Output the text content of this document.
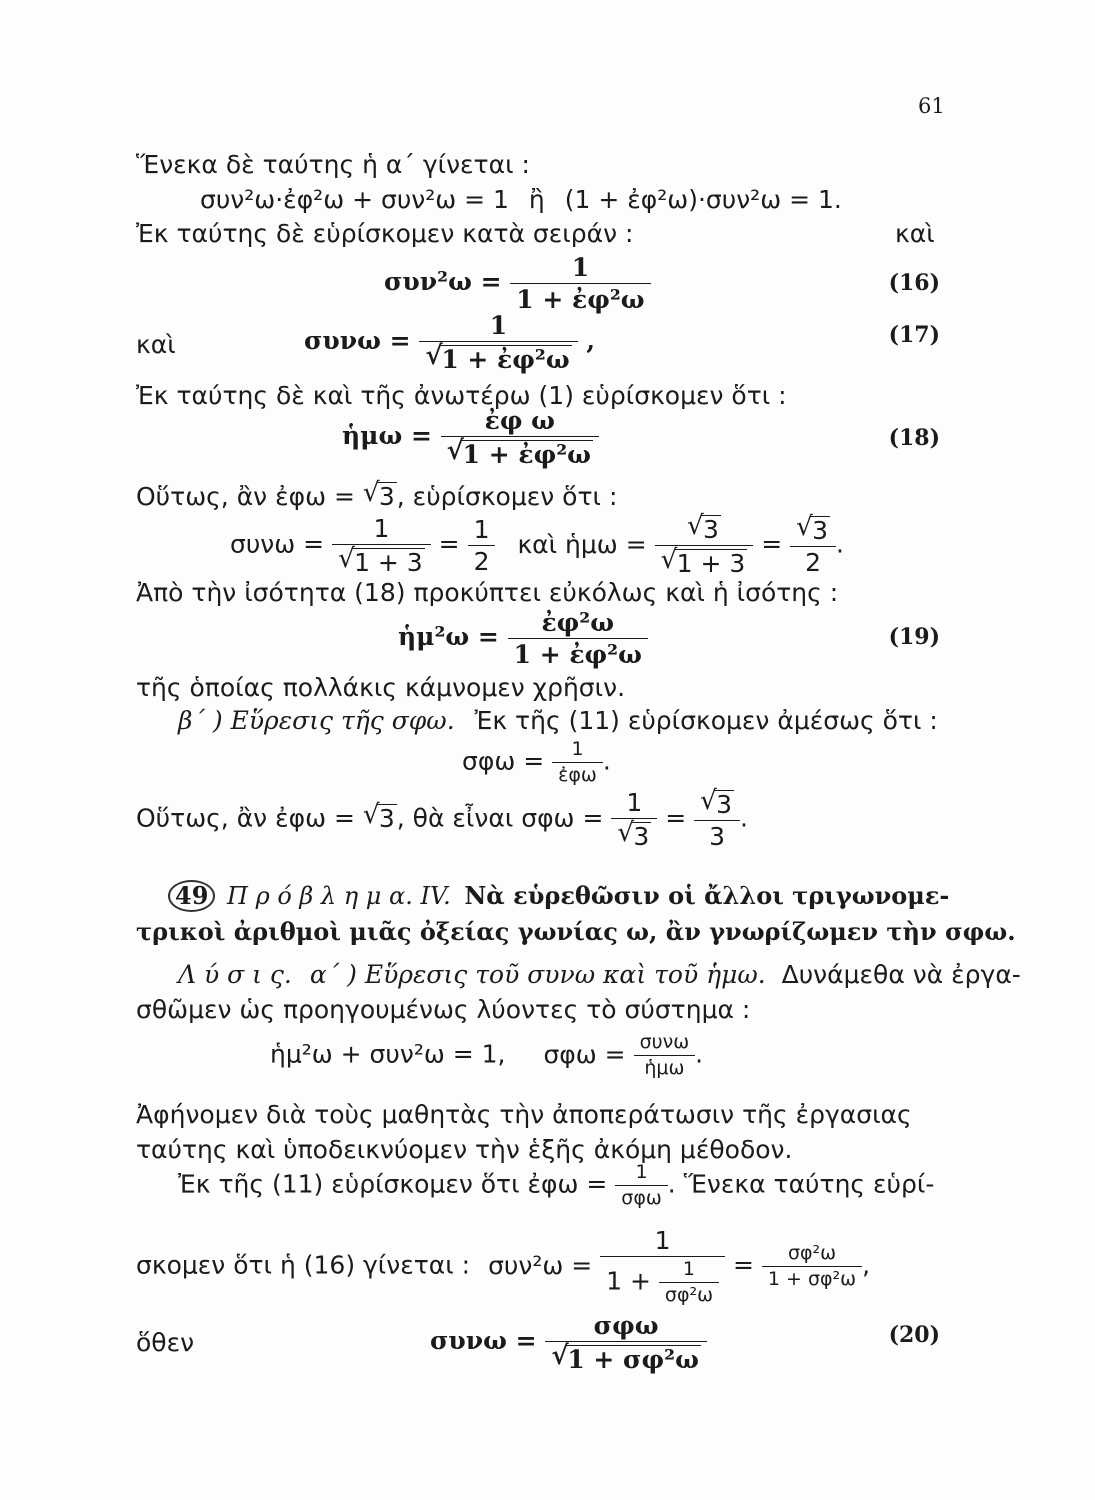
61
Ἕνεκα δὲ ταύτης ἡ α΄ γίνεται :
συν²ω·ἐφ²ω + συν²ω = 1 ἢ (1 + ἐφ²ω)·συν²ω = 1.
Ἐκ ταύτης δὲ εὑρίσκομεν κατὰ σειράν :	καὶ
$\sigma\upsilon\nu^2\omega = \frac{1}{\text{1 + ἐφ²ω}}$	(16)
καὶ	συνω = 1
√ 1 + ἐφ²ω ,	(17)
Ἐκ ταύτης δὲ καὶ τῆς ἀνωτέρω (1) εὑρίσκομεν ὅτι :
ἡμω = ἐφ ω
√ 1 + ἐφ²ω	(18)
Οὕτως, ἂν ἐφω = √ 3, εὑρίσκομεν ὅτι :
συνω = 1
√ $1 + 3 = \frac{1}{2}$ καὶ ἡμω = √ 3
√ 1 + 3 = √ $\frac{3}{2}$ .
Ἀπὸ τὴν ἰσότητα (18) προκύπτει εὐκόλως καὶ ἡ ἰσότης :
ἡμ²ω = $\frac{\text{ἐφ²ω}}{\text{1 + ἐφ²ω}}$	(19)
τῆς ὁποίας πολλάκις κάμνομεν χρῆσιν.
β΄ ) Εὕρεσις τῆς σφω. Ἐκ τῆς (11) εὑρίσκομεν ἀμέσως ὅτι :
$\sigma\varphi\omega = \frac{1}{\text{ἐφω}}$ .
Οὕτως, ἂν ἐφω = √ 3, θὰ εἶναι σφω = 1
√ 3 = √ $\frac{3}{3}$ .
49 Π ρ ό β λ η μ α. IV. Νὰ εὑρεθῶσιν οἱ ἄλλοι τριγωνομε-
τρικοὶ ἀριθμοὶ μιᾶς ὀξείας γωνίας ω, ἂν γνωρίζωμεν τὴν σφω.
Λ ύ σ ι ς. α΄ ) Εὕρεσις τοῦ συνω καὶ τοῦ ἡμω. Δυνάμεθα νὰ ἐργα-
σθῶμεν ὡς προηγουμένως λύοντες τὸ σύστημα :
ἡμ²ω + συν²ω = 1, $\sigma\varphi\omega = \frac{\text{συνω}}{\text{ἡμω}}$ .
Ἀφήνομεν διὰ τοὺς μαθητὰς τὴν ἀποπεράτωσιν τῆς ἐργασιας
ταύτης καὶ ὑποδεικνύομεν τὴν ἑξῆς ἀκόμη μέθοδον.
Ἐκ τῆς (11) εὑρίσκομεν ὅτι ἐφω = $\frac{1}{\text{σφω}}$ . Ἕνεκα ταύτης εὑρί-
σκομεν ὅτι ἡ (16) γίνεται : $\sigma\upsilon\nu^2\omega = \frac{1}{1 + \frac{1}{\text{σφ²ω}}} = \frac{\text{σφ²ω}}{\text{1 + σφ²ω}}$ ,
ὅθεν	συνω = σφω
√ 1 + σφ²ω	(20)
